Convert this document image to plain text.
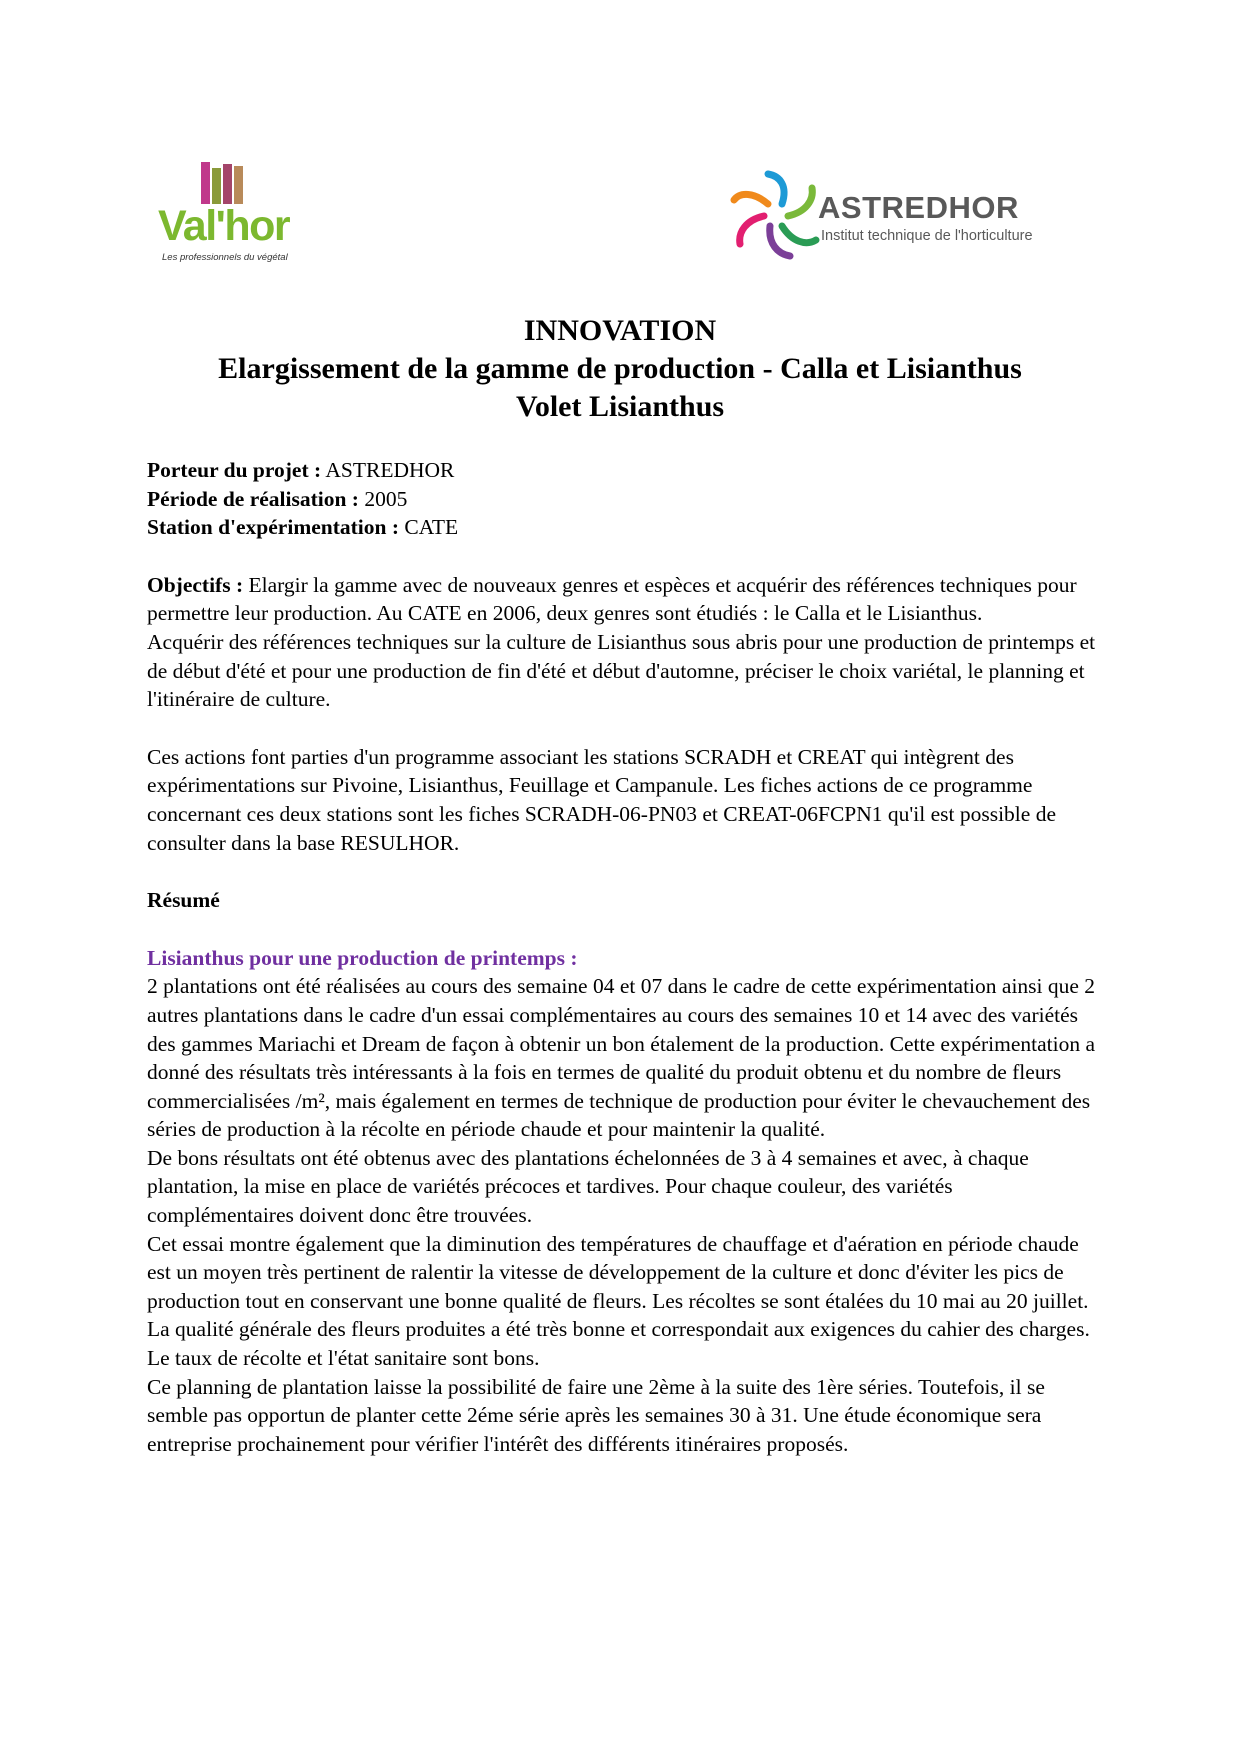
Val'hor
Les professionnels du végétal
ASTREDHOR
Institut technique de l'horticulture
INNOVATION
Elargissement de la gamme de production - Calla et Lisianthus
Volet Lisianthus

Porteur du projet : ASTREDHOR

Période de réalisation : 2005

Station d'expérimentation : CATE

Objectifs : Elargir la gamme avec de nouveaux genres et espèces et acquérir des références techniques pour permettre leur production. Au CATE en 2006, deux genres sont étudiés : le Calla et le Lisianthus.

Acquérir des références techniques sur la culture de Lisianthus sous abris pour une production de printemps et de début d'été et pour une production de fin d'été et début d'automne, préciser le choix variétal, le planning et l'itinéraire de culture.

Ces actions font parties d'un programme associant les stations SCRADH et CREAT qui intègrent des expérimentations sur Pivoine, Lisianthus, Feuillage et Campanule. Les fiches actions de ce programme concernant ces deux stations sont les fiches SCRADH-06-PN03 et CREAT-06FCPN1 qu'il est possible de consulter dans la base RESULHOR.

Résumé

Lisianthus pour une production de printemps :

2 plantations ont été réalisées au cours des semaine 04 et 07 dans le cadre de cette expérimentation ainsi que 2 autres plantations dans le cadre d'un essai complémentaires au cours des semaines 10 et 14 avec des variétés des gammes Mariachi et Dream de façon à obtenir un bon étalement de la production. Cette expérimentation a donné des résultats très intéressants à la fois en termes de qualité du produit obtenu et du nombre de fleurs commercialisées /m², mais également en termes de technique de production pour éviter le chevauchement des séries de production à la récolte en période chaude et pour maintenir la qualité.

De bons résultats ont été obtenus avec des plantations échelonnées de 3 à 4 semaines et avec, à chaque plantation, la mise en place de variétés précoces et tardives. Pour chaque couleur, des variétés complémentaires doivent donc être trouvées.

Cet essai montre également que la diminution des températures de chauffage et d'aération en période chaude est un moyen très pertinent de ralentir la vitesse de développement de la culture et donc d'éviter les pics de production tout en conservant une bonne qualité de fleurs. Les récoltes se sont étalées du 10 mai au 20 juillet. La qualité générale des fleurs produites a été très bonne et correspondait aux exigences du cahier des charges. Le taux de récolte et l'état sanitaire sont bons.

Ce planning de plantation laisse la possibilité de faire une 2ème à la suite des 1ère séries. Toutefois, il se semble pas opportun de planter cette 2éme série après les semaines 30 à 31. Une étude économique sera entreprise prochainement pour vérifier l'intérêt des différents itinéraires proposés.
